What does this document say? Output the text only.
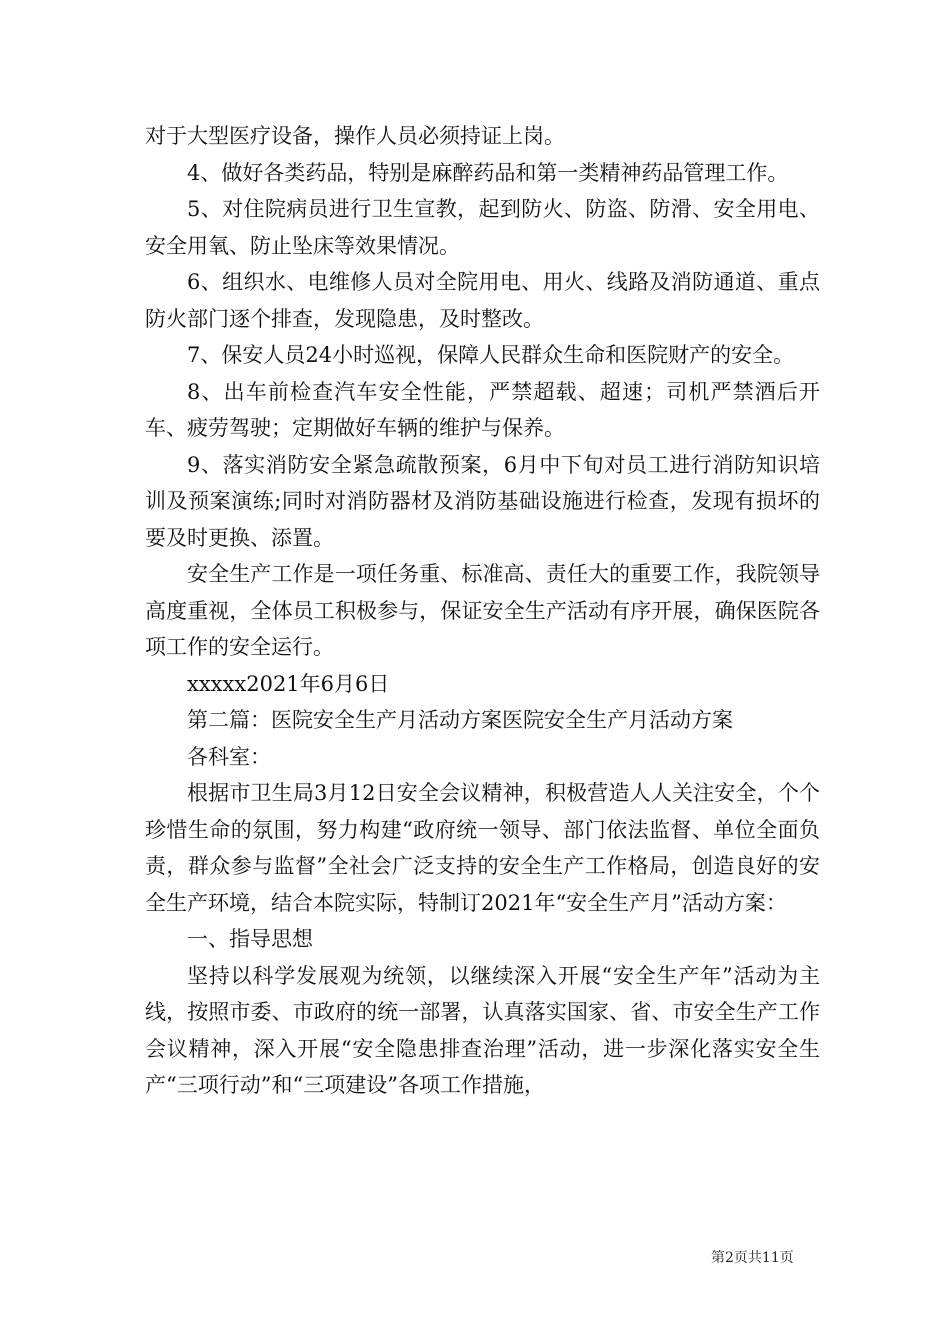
对于大型医疗设备，操作人员必须持证上岗。

4、做好各类药品，特别是麻醉药品和第一类精神药品管理工作。

5、对住院病员进行卫生宣教，起到防火、防盗、防滑、安全用电、安全用氧、防止坠床等效果情况。

6、组织水、电维修人员对全院用电、用火、线路及消防通道、重点防火部门逐个排查，发现隐患，及时整改。

7、保安人员24小时巡视，保障人民群众生命和医院财产的安全。

8、出车前检查汽车安全性能，严禁超载、超速；司机严禁酒后开车、疲劳驾驶；定期做好车辆的维护与保养。

9、落实消防安全紧急疏散预案，6月中下旬对员工进行消防知识培训及预案演练;同时对消防器材及消防基础设施进行检查，发现有损坏的要及时更换、添置。

安全生产工作是一项任务重、标准高、责任大的重要工作，我院领导高度重视，全体员工积极参与，保证安全生产活动有序开展，确保医院各项工作的安全运行。

xxxxx2021年6月6日

第二篇：医院安全生产月活动方案医院安全生产月活动方案

各科室：

根据市卫生局3月12日安全会议精神，积极营造人人关注安全，个个珍惜生命的氛围，努力构建“政府统一领导、部门依法监督、单位全面负责，群众参与监督”全社会广泛支持的安全生产工作格局，创造良好的安全生产环境，结合本院实际，特制订2021年“安全生产月”活动方案：

一、指导思想

坚持以科学发展观为统领，以继续深入开展“安全生产年”活动为主线，按照市委、市政府的统一部署，认真落实国家、省、市安全生产工作会议精神，深入开展“安全隐患排查治理”活动，进一步深化落实安全生产“三项行动”和“三项建设”各项工作措施，

第2页共11页
